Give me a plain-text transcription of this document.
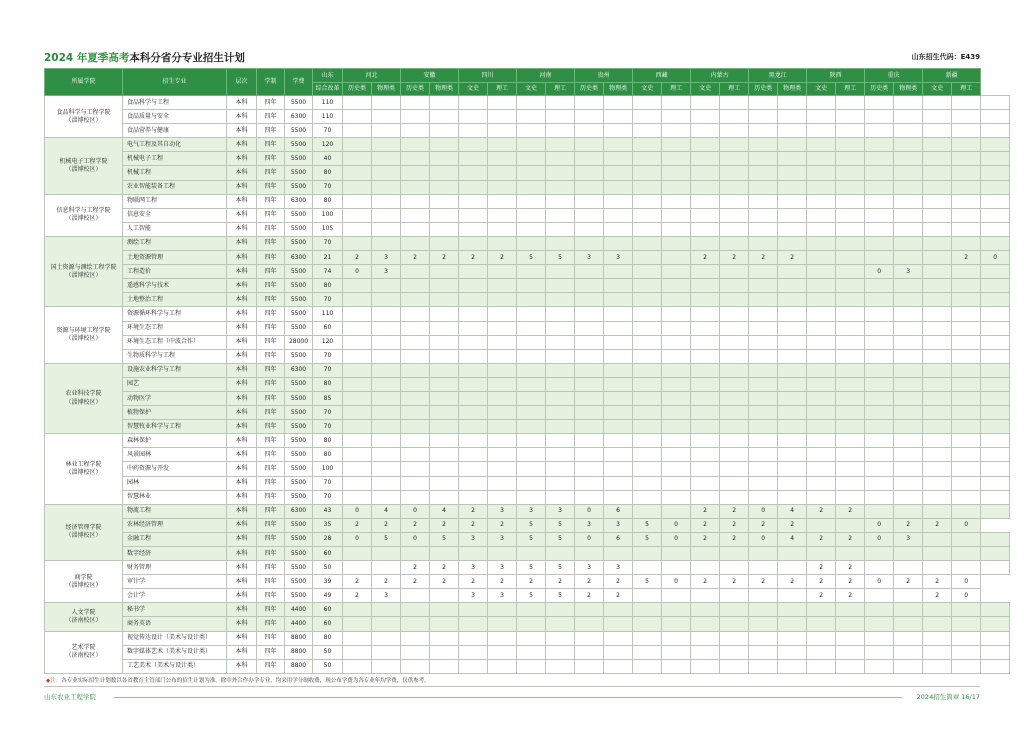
2024 年夏季高考本科分省分专业招生计划	山东招生代码：E439
所属学院	招生专业	层次	学制	学费	山东	河北		安徽		四川		河南		贵州		西藏		内蒙古		黑龙江		陕西		重庆		新疆		
					综合改革	历史类	物理类	历史类	物理类	文史	理工	文史	理工	历史类	物理类	文史	理工	文史	理工	历史类	物理类	文史	理工	历史类	物理类	文史	理工	
食品科学与工程学院
（淄博校区）	食品科学与工程	本科	四年	5500	110																							
	食品质量与安全	本科	四年	6300	110																							
	食品营养与健康	本科	四年	5500	70																							
机械电子工程学院
（淄博校区）	电气工程及其自动化	本科	四年	5500	120																							
	机械电子工程	本科	四年	5500	40																							
	机械工程	本科	四年	5500	80																							
	农业智能装备工程	本科	四年	5500	70																							
信息科学与工程学院
（淄博校区）	物联网工程	本科	四年	6300	80																							
	信息安全	本科	四年	5500	100																							
	人工智能	本科	四年	5500	105																							
国土资源与测绘工程学院
（淄博校区）	测绘工程	本科	四年	5500	70																							
	土地资源管理	本科	四年	6300	21	2	3	2	2	2	2	5	5	3	3			2	2	2	2						2	0
	工程造价	本科	四年	5500	74	0	3																	0	3			
	遥感科学与技术	本科	四年	5500	80																							
	土地整治工程	本科	四年	5500	70																							
资源与环境工程学院
（淄博校区）	资源循环科学与工程	本科	四年	5500	110																							
	环境生态工程	本科	四年	5500	60																							
	环境生态工程（中波合作）	本科	四年	28000	120																							
	生物质科学与工程	本科	四年	5500	70																							
农业科技学院
（淄博校区）	设施农业科学与工程	本科	四年	6300	70																							
	园艺	本科	四年	5500	80																							
	动物医学	本科	四年	5500	85																							
	植物保护	本科	四年	5500	70																							
	智慧牧业科学与工程	本科	四年	5500	70																							
林业工程学院
（淄博校区）	森林保护	本科	四年	5500	80																							
	风景园林	本科	四年	5500	80																							
	中药资源与开发	本科	四年	5500	100																							
	园林	本科	四年	5500	70																							
	智慧林业	本科	四年	5500	70																							
经济管理学院
（淄博校区）	物流工程	本科	四年	6300	43	0	4	0	4	2	3	3	3	0	6			2	2	0	4	2	2					
	农林经济管理	本科	四年	5500	35	2	2	2	2	2	2	5	5	3	3	5	0	2	2	2	2			0	2	2	0	
	金融工程	本科	四年	5500	28	0	5	0	5	3	3	5	5	0	6	5	0	2	2	0	4	2	2	0	3			
	数字经济	本科	四年	5500	60																							
商学院
（淄博校区）	财务管理	本科	四年	5500	50			2	2	3	3	5	5	3	3							2	2					
	审计学	本科	四年	5500	39	2	2	2	2	2	2	2	2	2	2	5	0	2	2	2	2	2	2	0	2	2	0	
	会计学	本科	四年	5500	49	2	3			3	3	5	5	2	2							2	2			2	0	
人文学院
（济南校区）	秘书学	本科	四年	4400	60																							
	商务英语	本科	四年	4400	60																							
艺术学院
（济南校区）	视觉传达设计（美术与设计类）	本科	四年	8800	80																							
	数字媒体艺术（美术与设计类）	本科	四年	8800	50																							
	工艺美术（美术与设计类）	本科	四年	8800	50																							
◆注：各专业实际招生计划数以各省教育主管部门公布的招生计划为准。除中外合作办学专业，均采用学分制收费，现公布学费为各专业年均学费，仅供参考。
山东农业工程学院	2024招生简章 16/17
